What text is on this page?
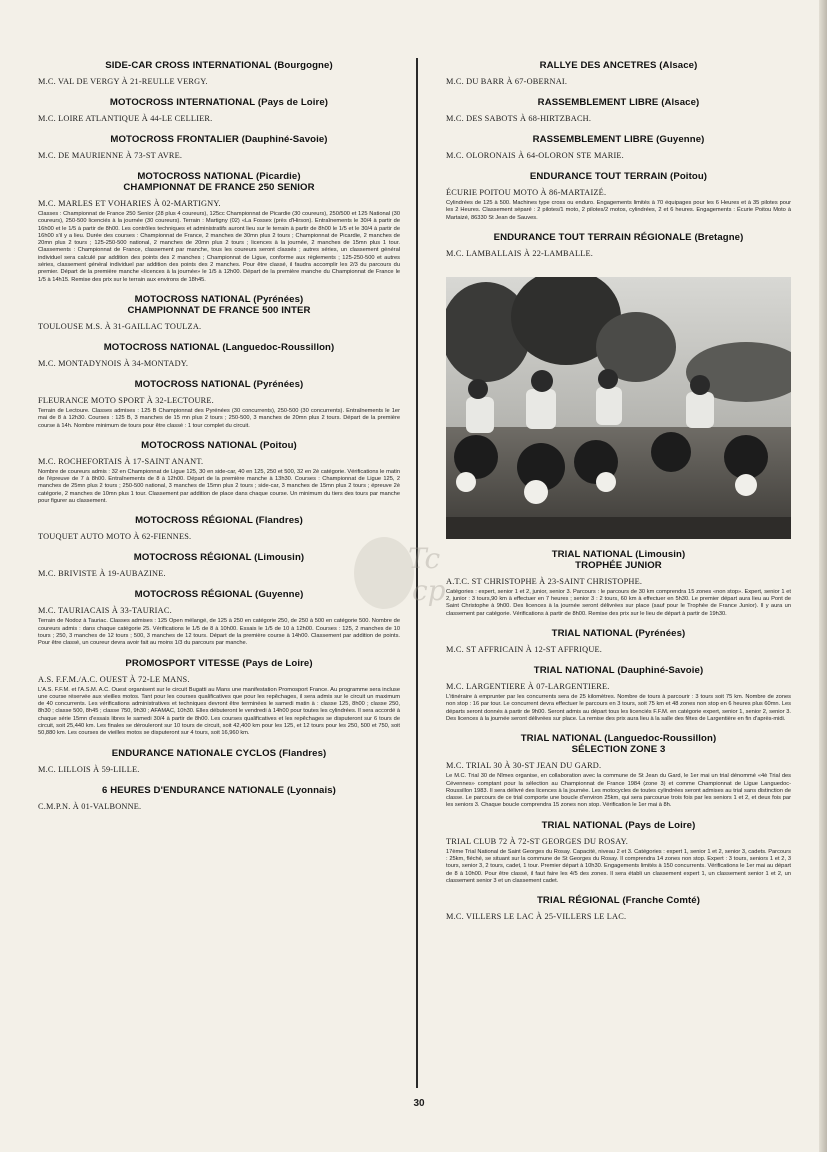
SIDE-CAR CROSS INTERNATIONAL (Bourgogne)
M.C. VAL DE VERGY À 21-REULLE VERGY.
MOTOCROSS INTERNATIONAL (Pays de Loire)
M.C. LOIRE ATLANTIQUE À 44-LE CELLIER.
MOTOCROSS FRONTALIER (Dauphiné-Savoie)
M.C. DE MAURIENNE À 73-ST AVRE.
MOTOCROSS NATIONAL (Picardie)
CHAMPIONNAT DE FRANCE 250 SENIOR
M.C. MARLES ET VOHARIES À 02-MARTIGNY.
Classes : Championnat de France 250 Senior (28 plus 4 coureurs), 125cc Championnat de Picardie (30 coureurs), 250/500 et 125 National (30 coureurs), 250-500 licenciés à la journée (30 coureurs). Terrain : Martigny (02) «La Fossex (près d'Hirson). Entraînements le 30/4 à partir de 16h00 et le 1/5 à partir de 8h00. Les contrôles techniques et administratifs auront lieu sur le terrain à partir de 8h00 le 1/5 et le 30/4 à partir de 16h00 s'il y a lieu. Durée des courses : Championnat de France, 2 manches de 30mn plus 2 tours ; Championnat de Picardie, 2 manches de 20mn plus 2 tours ; 125-250-500 national, 2 manches de 20mn plus 2 tours ; licences à la journée, 2 manches de 15mn plus 1 tour. Classements : Championnat de France, classement par manche, tous les coureurs seront classés ; autres séries, un classement général individuel sera calculé par addition des points des 2 manches ; Championnat de Ligue, conforme aux règlements ; 125-250-500 et autres séries, classement général individuel par addition des points des 2 manches. Pour être classé, il faudra accomplir les 2/3 du parcours du premier. Départ de la première manche «licences à la journée» le 1/5 à 12h00. Départ de la première manche du Championnat de France le 1/5 à 14h15. Remise des prix sur le terrain aux environs de 18h45.
MOTOCROSS NATIONAL (Pyrénées)
CHAMPIONNAT DE FRANCE 500 INTER
TOULOUSE M.S. À 31-GAILLAC TOULZA.
MOTOCROSS NATIONAL (Languedoc-Roussillon)
M.C. MONTADYNOIS À 34-MONTADY.
MOTOCROSS NATIONAL (Pyrénées)
FLEURANCE MOTO SPORT À 32-LECTOURE.
Terrain de Lectoure. Classes admises : 125 B Championnat des Pyrénées (30 concurrents), 250-500 (30 concurrents). Entraînements le 1er mai de 8 à 12h30. Courses : 125 B, 3 manches de 15 mn plus 2 tours ; 250-500, 3 manches de 20mn plus 2 tours. Départ de la première course à 14h. Nombre minimum de tours pour être classé : 1 tour complet du circuit.
MOTOCROSS NATIONAL (Poitou)
M.C. ROCHEFORTAIS À 17-SAINT ANANT.
Nombre de coureurs admis : 32 en Championnat de Ligue 125, 30 en side-car, 40 en 125, 250 et 500, 32 en 2è catégorie. Vérifications le matin de l'épreuve de 7 à 8h00. Entraînements de 8 à 12h00. Départ de la première manche à 13h30. Courses : Championnat de Ligue 125, 2 manches de 25mn plus 2 tours ; 250-500 national, 3 manches de 15mn plus 2 tours ; side-car, 3 manches de 15mn plus 2 tours ; épreuve 2è catégorie, 2 manches de 10mn plus 1 tour. Classement par addition de place dans chaque course. Un minimum du tiers des tours par manche pour figurer au classement.
MOTOCROSS RÉGIONAL (Flandres)
TOUQUET AUTO MOTO À 62-FIENNES.
MOTOCROSS RÉGIONAL (Limousin)
M.C. BRIVISTE À 19-AUBAZINE.
MOTOCROSS RÉGIONAL (Guyenne)
M.C. TAURIACAIS À 33-TAURIAC.
Terrain de Nodoz à Tauriac. Classes admises : 125 Open mélangé, de 125 à 250 en catégorie 250, de 250 à 500 en catégorie 500. Nombre de coureurs admis : dans chaque catégorie 25. Vérifications le 1/5 de 8 à 10h00. Essais le 1/5 de 10 à 12h00. Courses : 125, 2 manches de 10 tours ; 250, 3 manches de 12 tours ; 500, 3 manches de 12 tours. Départ de la première course à 14h00. Classement par addition de points. Pour être classé, un coureur devra avoir fait au moins 1/3 du parcours par manche.
PROMOSPORT VITESSE (Pays de Loire)
A.S. F.F.M./A.C. OUEST À 72-LE MANS.
L'A.S. F.F.M. et l'A.S.M. A.C. Ouest organisent sur le circuit Bugatti au Mans une manifestation Promosport France. Au programme sera incluse une course réservée aux vieilles motos. Tant pour les courses qualificatives que pour les repêchages, il sera admis sur le circuit un maximum de 40 concurrents. Les vérifications administratives et techniques devront être terminées le samedi matin à : classe 125, 8h00 ; classe 250, 8h30 ; classe 500, 8h45 ; classe 750, 9h30 ; AFAMAC, 10h30. Elles débuteront le vendredi à 14h00 pour toutes les cylindrées. Il sera accordé à chaque série 15mn d'essais libres le samedi 30/4 à partir de 8h00. Les courses qualificatives et les repêchages se disputeront sur 6 tours de circuit, soit 25,440 km. Les finales se dérouleront sur 10 tours de circuit, soit 42,400 km pour les 125, et 12 tours pour les 250, 500 et 750, soit 50,880 km. Les courses de vieilles motos se disputeront sur 4 tours, soit 16,960 km.
ENDURANCE NATIONALE CYCLOS (Flandres)
M.C. LILLOIS À 59-LILLE.
6 HEURES D'ENDURANCE NATIONALE (Lyonnais)
C.M.P.N. À 01-VALBONNE.
RALLYE DES ANCETRES (Alsace)
M.C. DU BARR À 67-OBERNAI.
RASSEMBLEMENT LIBRE (Alsace)
M.C. DES SABOTS À 68-HIRTZBACH.
RASSEMBLEMENT LIBRE (Guyenne)
M.C. OLORONAIS À 64-OLORON STE MARIE.
ENDURANCE TOUT TERRAIN (Poitou)
ÉCURIE POITOU MOTO À 86-MARTAIZÉ.
Cylindrées de 125 à 500. Machines type cross ou enduro. Engagements limités à 70 équipages pour les 6 Heures et à 35 pilotes pour les 2 Heures. Classement séparé : 2 pilotes/1 moto, 2 pilotes/2 motos, cylindrées, 2 et 6 heures. Engagements : Écurie Poitou Moto à Martaizé, 86330 St Jean de Sauves.
ENDURANCE TOUT TERRAIN RÉGIONALE (Bretagne)
M.C. LAMBALLAIS À 22-LAMBALLE.
TRIAL NATIONAL (Limousin)
TROPHÉE JUNIOR
A.T.C. ST CHRISTOPHE À 23-SAINT CHRISTOPHE.
Catégories : expert, senior 1 et 2, junior, senior 3. Parcours : le parcours de 30 km comprendra 15 zones «non stop». Expert, senior 1 et 2, junior : 3 tours,90 km à effectuer en 7 heures ; senior 3 : 2 tours, 60 km à effectuer en 5h30. Le premier départ aura lieu au Pont de Saint Christophe à 9h00. Des licences à la journée seront délivrées sur place (sauf pour le Trophée de France Junior). Il y aura un classement par catégorie. Vérifications à partir de 8h00. Remise des prix sur le lieu de départ à partir de 19h30.
TRIAL NATIONAL (Pyrénées)
M.C. ST AFFRICAIN À 12-ST AFFRIQUE.
TRIAL NATIONAL (Dauphiné-Savoie)
M.C. LARGENTIERE À 07-LARGENTIERE.
L'itinéraire à emprunter par les concurrents sera de 25 kilomètres. Nombre de tours à parcourir : 3 tours soit 75 km. Nombre de zones non stop : 16 par tour. Le concurrent devra effectuer le parcours en 3 tours, soit 75 km et 48 zones non stop en 6 heures plus 60mn. Les départs seront donnés à partir de 9h00. Seront admis au départ tous les licenciés F.F.M. en catégorie expert, senior 1, senior 2, senior 3. Des licences à la journée seront délivrées sur place. La remise des prix aura lieu à la salle des fêtes de Largentière en fin d'après-midi.
TRIAL NATIONAL (Languedoc-Roussillon)
SÉLECTION ZONE 3
M.C. TRIAL 30 À 30-ST JEAN DU GARD.
Le M.C. Trial 30 de Nîmes organise, en collaboration avec la commune de St Jean du Gard, le 1er mai un trial dénommé «4è Trial des Cévennes» comptant pour la sélection au Championnat de France 1984 (zone 3) et comme Championnat de Ligue Languedoc-Roussillon 1983. Il sera délivré des licences à la journée. Les motocycles de toutes cylindrées seront admises au trial sans distinction de classe. Le parcours de ce trial comporte une boucle d'environ 25km, qui sera parcourue trois fois par les seniors 1 et 2, et deux fois par les seniors 3. Chaque boucle comprendra 15 zones non stop. Vérification le 1er mai à 8h.
TRIAL NATIONAL (Pays de Loire)
TRIAL CLUB 72 À 72-ST GEORGES DU ROSAY.
17ème Trial National de Saint Georges du Rosay. Capacité, niveau 2 et 3. Catégories : expert 1, senior 1 et 2, senior 3, cadets. Parcours : 25km, fléché, se situant sur la commune de St Georges du Rosay. Il comprendra 14 zones non stop. Expert : 3 tours, seniors 1 et 2, 3 tours, senior 3, 2 tours, cadet, 1 tour. Premier départ à 10h30. Engagements limités à 150 concurrents. Vérifications le 1er mai au départ de 8 à 10h00. Pour être classé, il faut faire les 4/5 des zones. Il sera établi un classement expert 1, un classement senior 1 et 2, un classement senior 3 et un classement cadet.
TRIAL RÉGIONAL (Franche Comté)
M.C. VILLERS LE LAC À 25-VILLERS LE LAC.
Tc
cp
30
